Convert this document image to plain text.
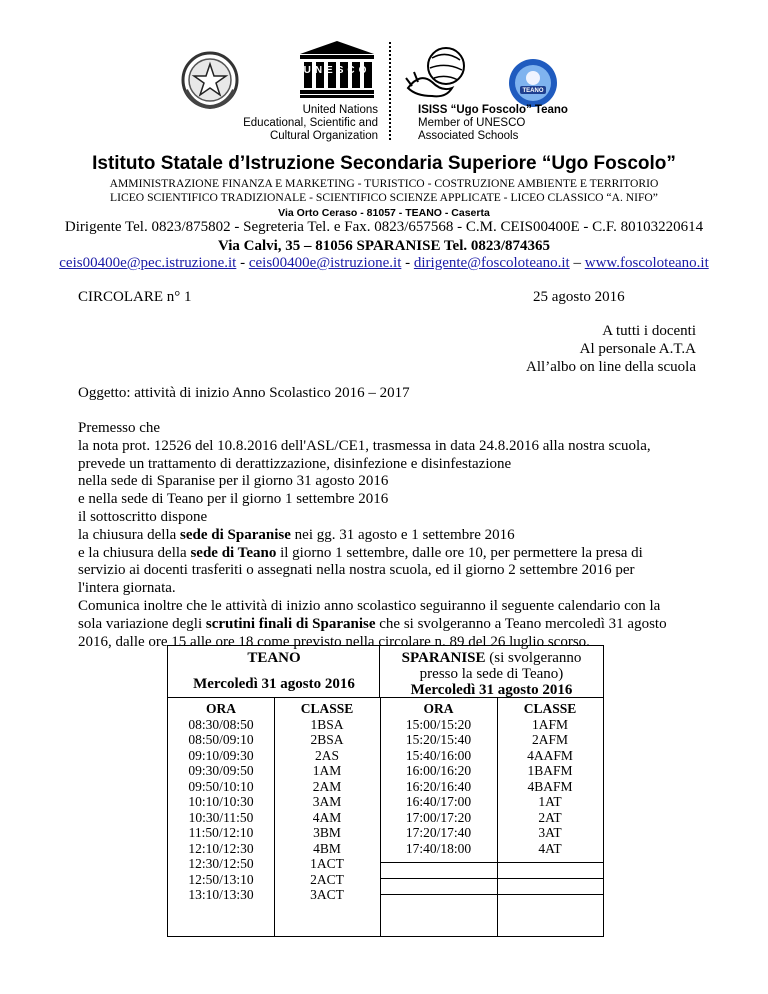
UNESCO
United Nations
Educational, Scientific and
Cultural Organization
TEANO
ISISS “Ugo Foscolo” Teano
Member of UNESCO
Associated Schools
Istituto Statale d’Istruzione Secondaria Superiore “Ugo Foscolo”
AMMINISTRAZIONE FINANZA E MARKETING - TURISTICO - COSTRUZIONE AMBIENTE E TERRITORIO
LICEO SCIENTIFICO TRADIZIONALE - SCIENTIFICO SCIENZE APPLICATE - LICEO CLASSICO “A. NIFO”
Via Orto Ceraso - 81057 - TEANO - Caserta
Dirigente Tel. 0823/875802 - Segreteria Tel. e Fax. 0823/657568 - C.M. CEIS00400E - C.F. 80103220614
Via Calvi, 35 – 81056 SPARANISE Tel. 0823/874365
ceis00400e@pec.istruzione.it - ceis00400e@istruzione.it - dirigente@foscoloteano.it – www.foscoloteano.it
CIRCOLARE n° 1	25 agosto 2016
A tutti i docenti
Al personale A.T.A
All’albo on line della scuola
Oggetto: attività di inizio Anno Scolastico 2016 – 2017

Premesso che

la nota prot. 12526 del 10.8.2016 dell'ASL/CE1, trasmessa in data 24.8.2016 alla nostra scuola,

prevede un trattamento di derattizzazione, disinfezione e disinfestazione

nella sede di Sparanise per il giorno 31 agosto 2016

e nella sede di Teano per il giorno 1 settembre 2016

il sottoscritto dispone

la chiusura della sede di Sparanise nei gg. 31 agosto e 1 settembre 2016

e la chiusura della sede di Teano il giorno 1 settembre, dalle ore 10, per permettere la presa di

servizio ai docenti trasferiti o assegnati nella nostra scuola, ed il giorno 2 settembre 2016 per

l'intera giornata.

Comunica inoltre che le attività di inizio anno scolastico seguiranno il seguente calendario con la

sola variazione degli scrutini finali di Sparanise che si svolgeranno a Teano mercoledì 31 agosto

2016, dalle ore 15 alle ore 18 come previsto nella circolare n. 89 del 26 luglio scorso.

TEANO
Mercoledì 31 agosto 2016
SPARANISE (si svolgeranno
presso la sede di Teano)
Mercoledì 31 agosto 2016
ORA
08:30/08:50
08:50/09:10
09:10/09:30
09:30/09:50
09:50/10:10
10:10/10:30
10:30/11:50
11:50/12:10
12:10/12:30
12:30/12:50
12:50/13:10
13:10/13:30
CLASSE
1BSA
2BSA
2AS
1AM
2AM
3AM
4AM
3BM
4BM
1ACT
2ACT
3ACT
ORA
15:00/15:20
15:20/15:40
15:40/16:00
16:00/16:20
16:20/16:40
16:40/17:00
17:00/17:20
17:20/17:40
17:40/18:00
CLASSE
1AFM
2AFM
4AAFM
1BAFM
4BAFM
1AT
2AT
3AT
4AT
